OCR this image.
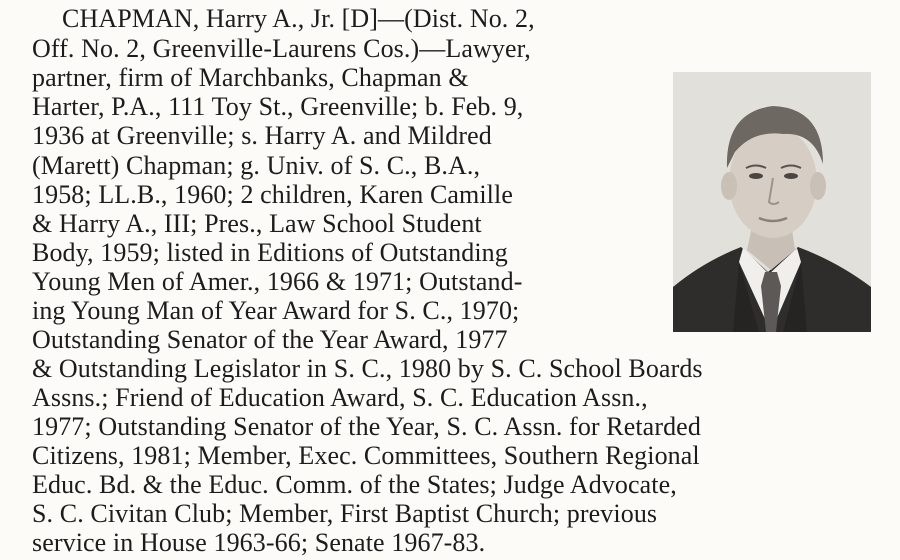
CHAPMAN, Harry A., Jr. [D]—(Dist. No. 2,

Off. No. 2, Greenville-Laurens Cos.)—Lawyer,

partner, firm of Marchbanks, Chapman &

Harter, P.A., 111 Toy St., Greenville; b. Feb. 9,

1936 at Greenville; s. Harry A. and Mildred

(Marett) Chapman; g. Univ. of S. C., B.A.,

1958; LL.B., 1960; 2 children, Karen Camille

& Harry A., III; Pres., Law School Student

Body, 1959; listed in Editions of Outstanding

Young Men of Amer., 1966 & 1971; Outstand-

ing Young Man of Year Award for S. C., 1970;

Outstanding Senator of the Year Award, 1977

& Outstanding Legislator in S. C., 1980 by S. C. School Boards

Assns.; Friend of Education Award, S. C. Education Assn.,

1977; Outstanding Senator of the Year, S. C. Assn. for Retarded

Citizens, 1981; Member, Exec. Committees, Southern Regional

Educ. Bd. & the Educ. Comm. of the States; Judge Advocate,

S. C. Civitan Club; Member, First Baptist Church; previous

service in House 1963-66; Senate 1967-83.
